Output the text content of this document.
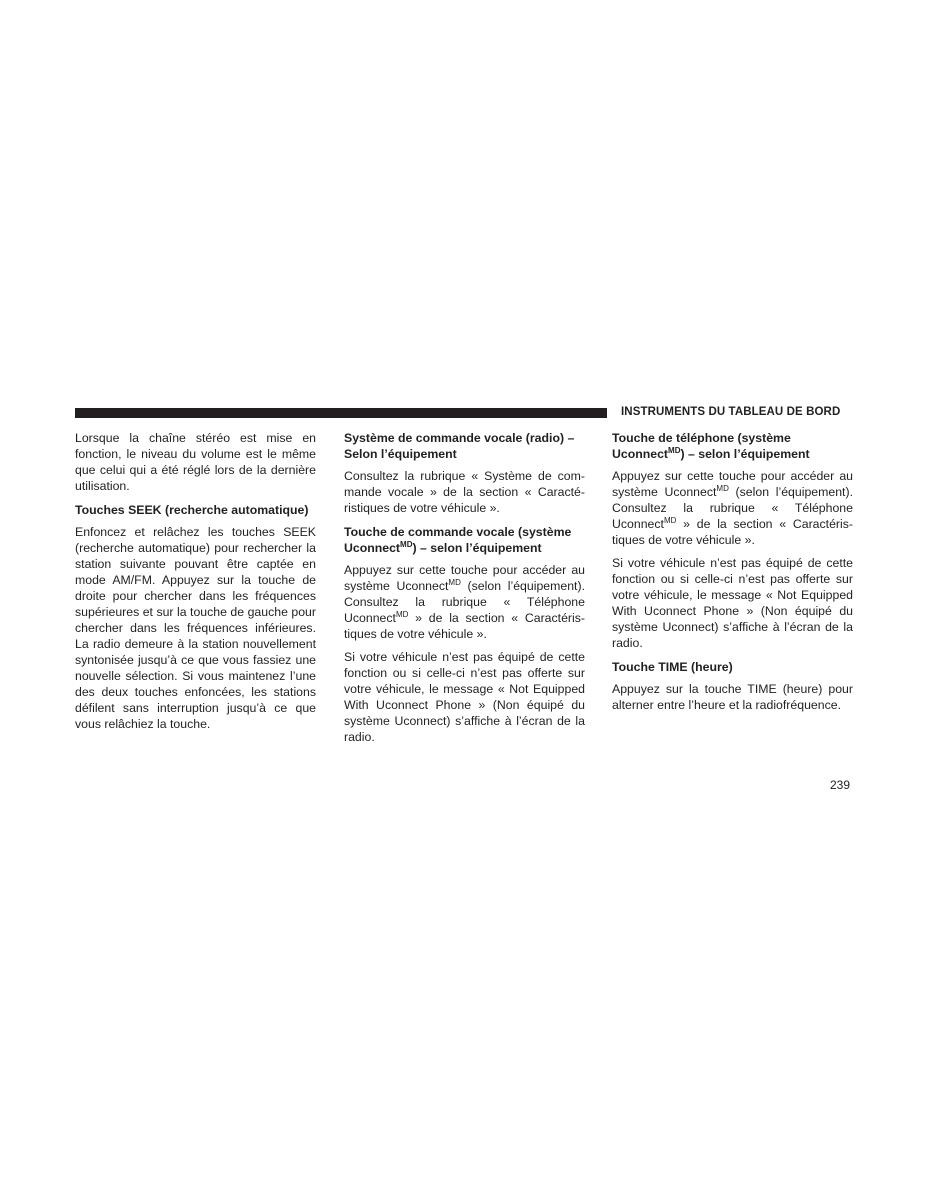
INSTRUMENTS DU TABLEAU DE BORD

Lorsque la chaîne stéréo est mise en fonction, le niveau du volume est le même que celui qui a été réglé lors de la dernière utilisation.

Touches SEEK (recherche automatique)

Enfoncez et relâchez les touches SEEK (recherche automatique) pour rechercher la station suivante pouvant être captée en mode AM/FM. Appuyez sur la touche de droite pour chercher dans les fréquences supérieures et sur la touche de gauche pour chercher dans les fréquences inférieures. La radio demeure à la station nouvellement syntonisée jusqu’à ce que vous fassiez une nouvelle sélection. Si vous maintenez l’une des deux touches enfoncées, les stations défilent sans interruption jusqu’à ce que vous relâchiez la touche.

Système de commande vocale (radio) – Selon l’équipement

Consultez la rubrique « Système de commande vocale » de la section « Caractéristiques de votre véhicule ».

Touche de commande vocale (système Uconnect$^{MD}$) – selon l’équipement

Appuyez sur cette touche pour accéder au système Uconnect$^{MD}$ (selon l’équipement). Consultez la rubrique « Téléphone Uconnect$^{MD}$ » de la section « Caractéristiques de votre véhicule ».

Si votre véhicule n’est pas équipé de cette fonction ou si celle-ci n’est pas offerte sur votre véhicule, le message « Not Equipped With Uconnect Phone » (Non équipé du système Uconnect) s’affiche à l’écran de la radio.

Touche de téléphone (système Uconnect$^{MD}$) – selon l’équipement

Appuyez sur cette touche pour accéder au système Uconnect$^{MD}$ (selon l’équipement). Consultez la rubrique « Téléphone Uconnect$^{MD}$ » de la section « Caractéristiques de votre véhicule ».

Si votre véhicule n’est pas équipé de cette fonction ou si celle-ci n’est pas offerte sur votre véhicule, le message « Not Equipped With Uconnect Phone » (Non équipé du système Uconnect) s’affiche à l’écran de la radio.

Touche TIME (heure)

Appuyez sur la touche TIME (heure) pour alterner entre l’heure et la radiofréquence.

239
